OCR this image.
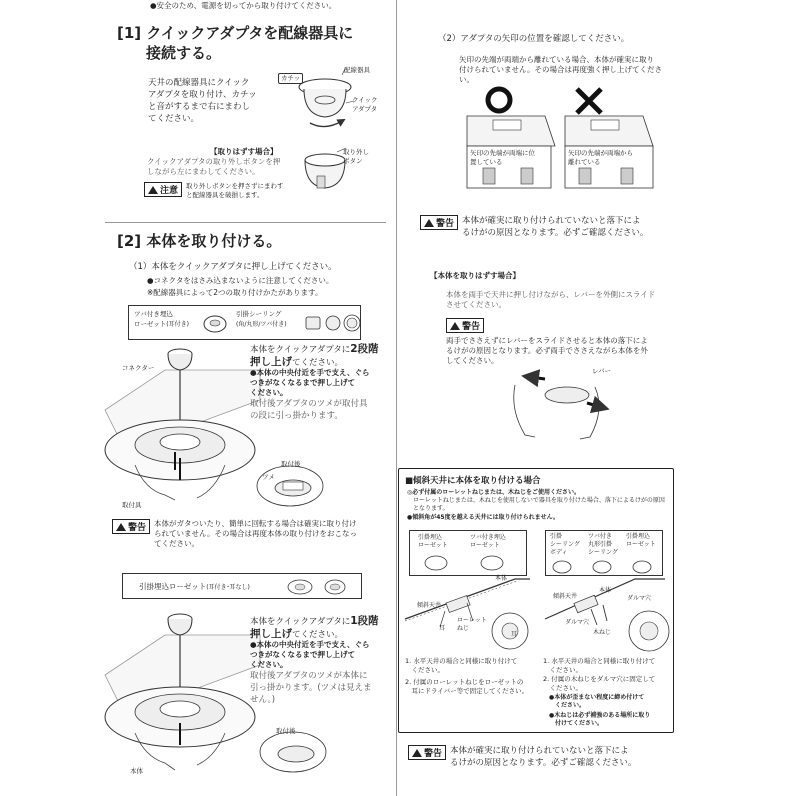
●安全のため、電源を切ってから取り付けてください。
[1] クイックアダプタを配線器具に
接続する。
天井の配線器具にクイック
アダプタを取り付け、カチッ
と音がするまで右にまわし
てください。
カチッ
配線器具
クイック
アダプタ
【取りはずす場合】
クイックアダプタの取り外しボタンを押
しながら左にまわしてください。
取り外し
ボタン
注意 取り外しボタンを押さずにまわす
と配線器具を破損します。
[2] 本体を取り付ける。
（1）本体をクイックアダプタに押し上げてください。
●コネクタをはさみ込まないように注意してください。
※配線器具によって2つの取り付けかたがあります。
ツバ付き埋込
ローゼット(耳付き)
引掛シーリング
(角/丸形/ツバ付き)
コネクター
取付具
本体をクイックアダプタに2段階
押し上げてください。
●本体の中央付近を手で支え、ぐら
つきがなくなるまで押し上げて
ください。
取付後アダプタのツメが取付具
の段に引っ掛かります。
取付後
ツメ
警告 本体がガタついたり、簡単に回転する場合は確実に取り付け
られていません。その場合は再度本体の取り付けをおこなっ
てください。
引掛埋込ローゼット(耳付き･耳なし)
本体
本体をクイックアダプタに1段階
押し上げてください。
●本体の中央付近を手で支え、ぐら
つきがなくなるまで押し上げて
ください。
取付後アダプタのツメが本体に
引っ掛かります。(ツメは見えま
せん。)
取付後
（2）アダプタの矢印の位置を確認してください。
矢印の先端が両端から離れている場合、本体が確実に取り
付けられていません。その場合は再度強く押し上げてくださ
い。
矢印の先端が両端に位
置している
矢印の先端が両端から
離れている
警告 本体が確実に取り付けられていないと落下によ
るけがの原因となります。必ずご確認ください。
【本体を取りはずす場合】
本体を両手で天井に押し付けながら、レバーを外側にスライド
させてください。
警告
両手でささえずにレバーをスライドさせると本体の落下によ
るけがの原因となります。必ず両手でささえながら本体を外
してください。
レバー
■傾斜天井に本体を取り付ける場合
◎必ず付属のローレットねじまたは、木ねじをご使用ください。
ローレットねじまたは、木ねじを使用しないで器具を取り付けた場合、落下によるけがの原因
となります。
●傾斜角が45度を越える天井には取り付けられません。
引掛埋込
ローゼット
ツバ付き埋込
ローゼット
引掛
シーリング
ボディ
ツバ付き
丸形引掛
シーリング
引掛埋込
ローゼット
傾斜天井
本体
耳
ローレット
ねじ
耳
傾斜天井
本体
ダルマ穴
ダルマ穴
木ねじ
1. 水平天井の場合と同様に取り付けて
　ください。
2. 付属のローレットねじをローゼットの
　耳にドライバー等で固定してください。
1. 水平天井の場合と同様に取り付けて
　ください。
2. 付属の木ねじをダルマ穴に固定して
　ください。
●本体が歪まない程度に締め付けて
　ください。
●木ねじは必ず補強のある場所に取り
　付けてください。
警告 本体が確実に取り付けられていないと落下によ
るけがの原因となります。必ずご確認ください。
